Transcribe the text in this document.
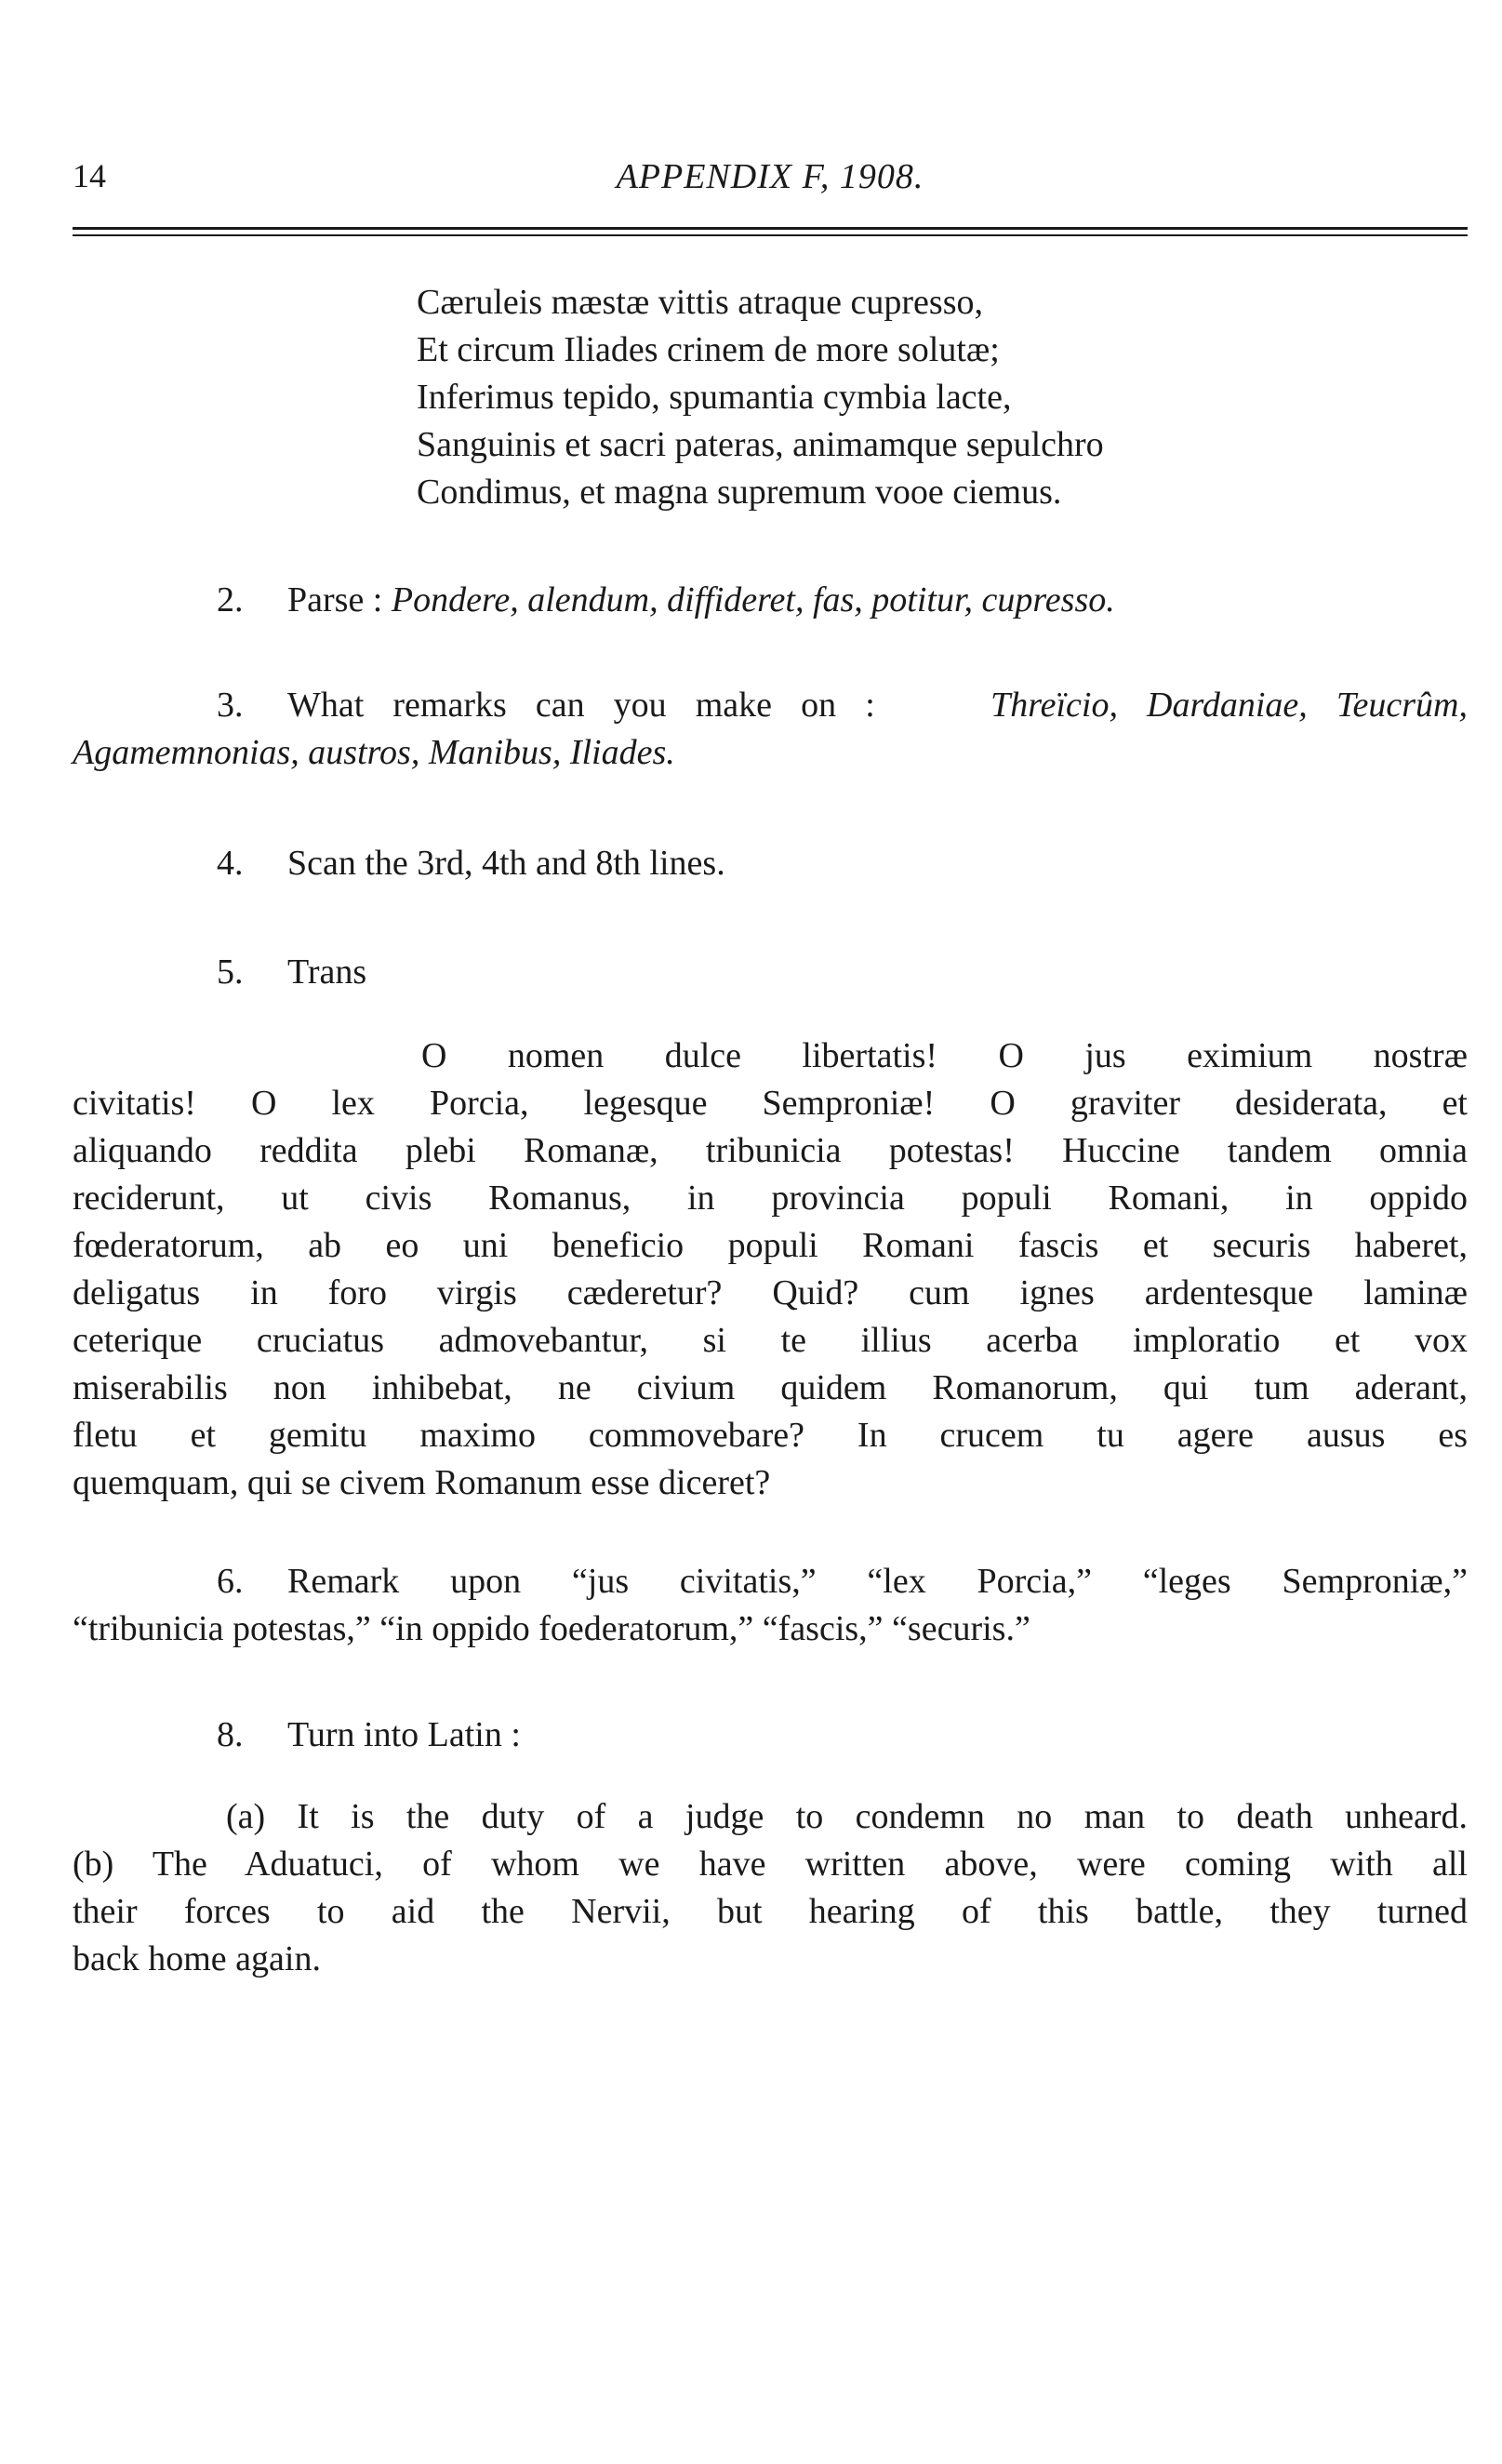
14	APPENDIX F, 1908.
Cæruleis mæstæ vittis atraque cupresso,
Et circum Iliades crinem de more solutæ;
Inferimus tepido, spumantia cymbia lacte,
Sanguinis et sacri pateras, animamque sepulchro
Condimus, et magna supremum vooe ciemus.
2. Parse : Pondere, alendum, diffideret, fas, potitur, cupresso.
3. What remarks can you make on :	Threïcio, Dardaniae, Teucrûm,
Agamemnonias, austros, Manibus, Iliades.
4. Scan the 3rd, 4th and 8th lines.
5. Trans
O nomen dulce libertatis! O jus eximium nostræ
civitatis! O lex Porcia, legesque Semproniæ! O graviter desiderata, et
aliquando reddita plebi Romanæ, tribunicia potestas! Huccine tandem omnia
reciderunt, ut civis Romanus, in provincia populi Romani, in oppido
fœderatorum, ab eo uni beneficio populi Romani fascis et securis haberet,
deligatus in foro virgis cæderetur? Quid? cum ignes ardentesque laminæ
ceterique cruciatus admovebantur, si te illius acerba imploratio et vox
miserabilis non inhibebat, ne civium quidem Romanorum, qui tum aderant,
fletu et gemitu maximo commovebare? In crucem tu agere ausus es
quemquam, qui se civem Romanum esse diceret?
6. Remark upon “jus civitatis,” “lex Porcia,” “leges Semproniæ,”
“tribunicia potestas,” “in oppido foederatorum,” “fascis,” “securis.”
8. Turn into Latin :
(a) It is the duty of a judge to condemn no man to death unheard.
(b) The Aduatuci, of whom we have written above, were coming with all
their forces to aid the Nervii, but hearing of this battle, they turned
back home again.
